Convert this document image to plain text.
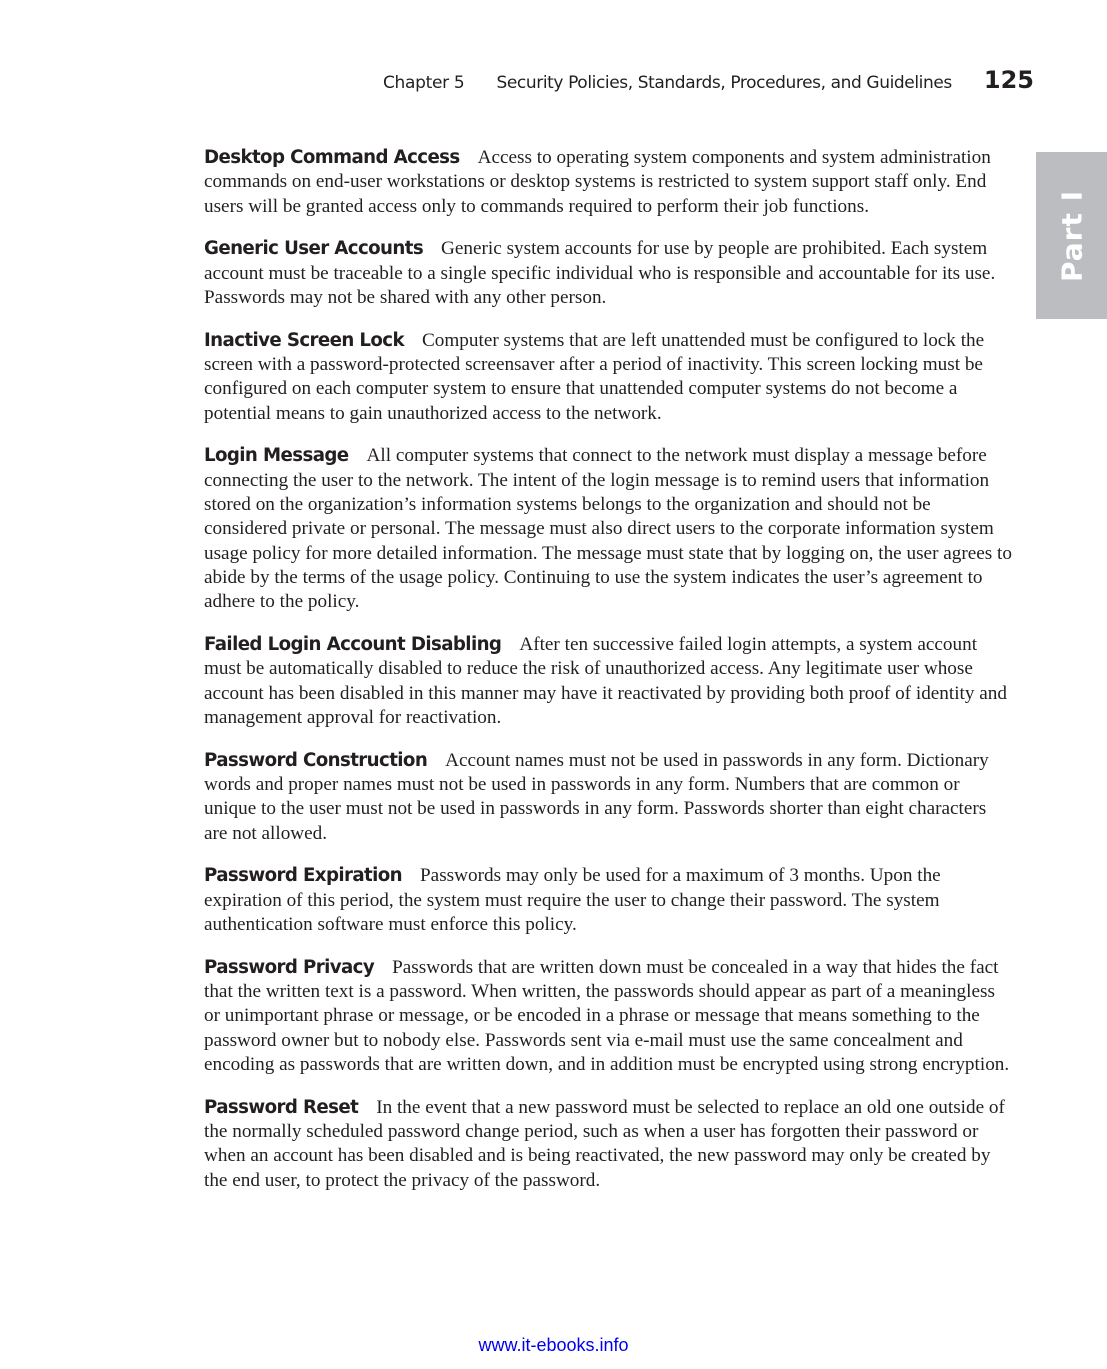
Chapter 5 Security Policies, Standards, Procedures, and Guidelines 125
Part I

Desktop Command Access Access to operating system components and system administration commands on end-user workstations or desktop systems is restricted to system support staff only. End users will be granted access only to commands required to perform their job functions.

Generic User Accounts Generic system accounts for use by people are prohibited. Each system account must be traceable to a single specific individual who is responsible and accountable for its use. Passwords may not be shared with any other person.

Inactive Screen Lock Computer systems that are left unattended must be configured to lock the screen with a password-protected screensaver after a period of inactivity. This screen locking must be configured on each computer system to ensure that unattended computer systems do not become a potential means to gain unauthorized access to the network.

Login Message All computer systems that connect to the network must display a message before connecting the user to the network. The intent of the login message is to remind users that information stored on the organization’s information systems belongs to the organization and should not be considered private or personal. The message must also direct users to the corporate information system usage policy for more detailed information. The message must state that by logging on, the user agrees to abide by the terms of the usage policy. Continuing to use the system indicates the user’s agreement to adhere to the policy.

Failed Login Account Disabling After ten successive failed login attempts, a system account must be automatically disabled to reduce the risk of unauthorized access. Any legitimate user whose account has been disabled in this manner may have it reactivated by providing both proof of identity and management approval for reactivation.

Password Construction Account names must not be used in passwords in any form. Dictionary words and proper names must not be used in passwords in any form. Numbers that are common or unique to the user must not be used in passwords in any form. Passwords shorter than eight characters are not allowed.

Password Expiration Passwords may only be used for a maximum of 3 months. Upon the expiration of this period, the system must require the user to change their password. The system authentication software must enforce this policy.

Password Privacy Passwords that are written down must be concealed in a way that hides the fact that the written text is a password. When written, the passwords should appear as part of a meaningless or unimportant phrase or message, or be encoded in a phrase or message that means something to the password owner but to nobody else. Passwords sent via e-mail must use the same concealment and encoding as passwords that are written down, and in addition must be encrypted using strong encryption.

Password Reset In the event that a new password must be selected to replace an old one outside of the normally scheduled password change period, such as when a user has forgotten their password or when an account has been disabled and is being reactivated, the new password may only be created by the end user, to protect the privacy of the password.

www.it-ebooks.info
